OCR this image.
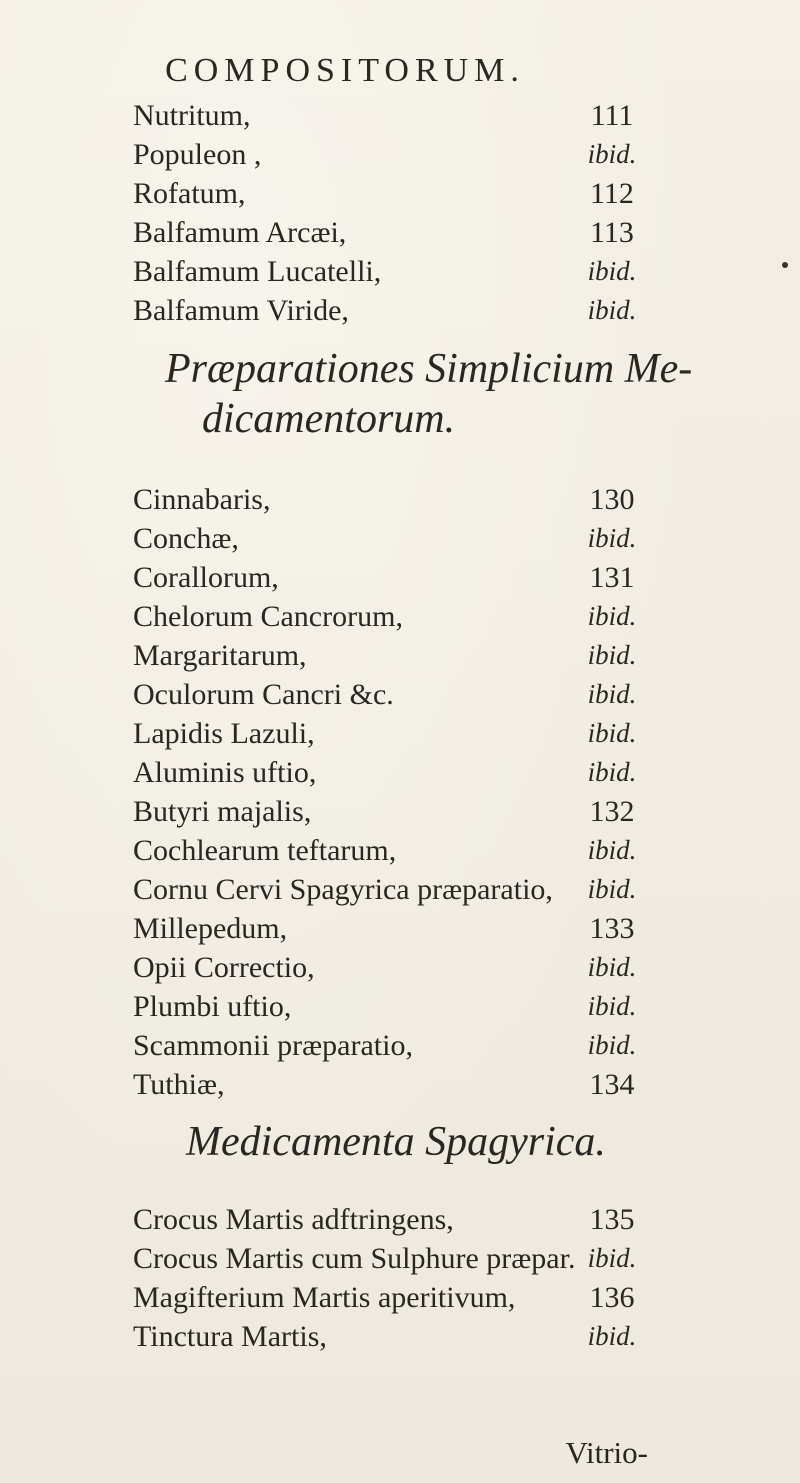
COMPOSITORUM.
Nutritum,	111
Populeon ,	ibid.
Rofatum,	112
Balfamum Arcæi,	113
Balfamum Lucatelli,	ibid.
Balfamum Viride,	ibid.
Præparationes Simplicium Me-
dicamentorum.
Cinnabaris,	130
Conchæ,	ibid.
Corallorum,	131
Chelorum Cancrorum,	ibid.
Margaritarum,	ibid.
Oculorum Cancri &c.	ibid.
Lapidis Lazuli,	ibid.
Aluminis uftio,	ibid.
Butyri majalis,	132
Cochlearum teftarum,	ibid.
Cornu Cervi Spagyrica præparatio,	ibid.
Millepedum,	133
Opii Correctio,	ibid.
Plumbi uftio,	ibid.
Scammonii præparatio,	ibid.
Tuthiæ,	134
Medicamenta Spagyrica.
Crocus Martis adftringens,	135
Crocus Martis cum Sulphure præpar. ibid.
Magifterium Martis aperitivum,	136
Tinctura Martis,	ibid.
Vitrio-
